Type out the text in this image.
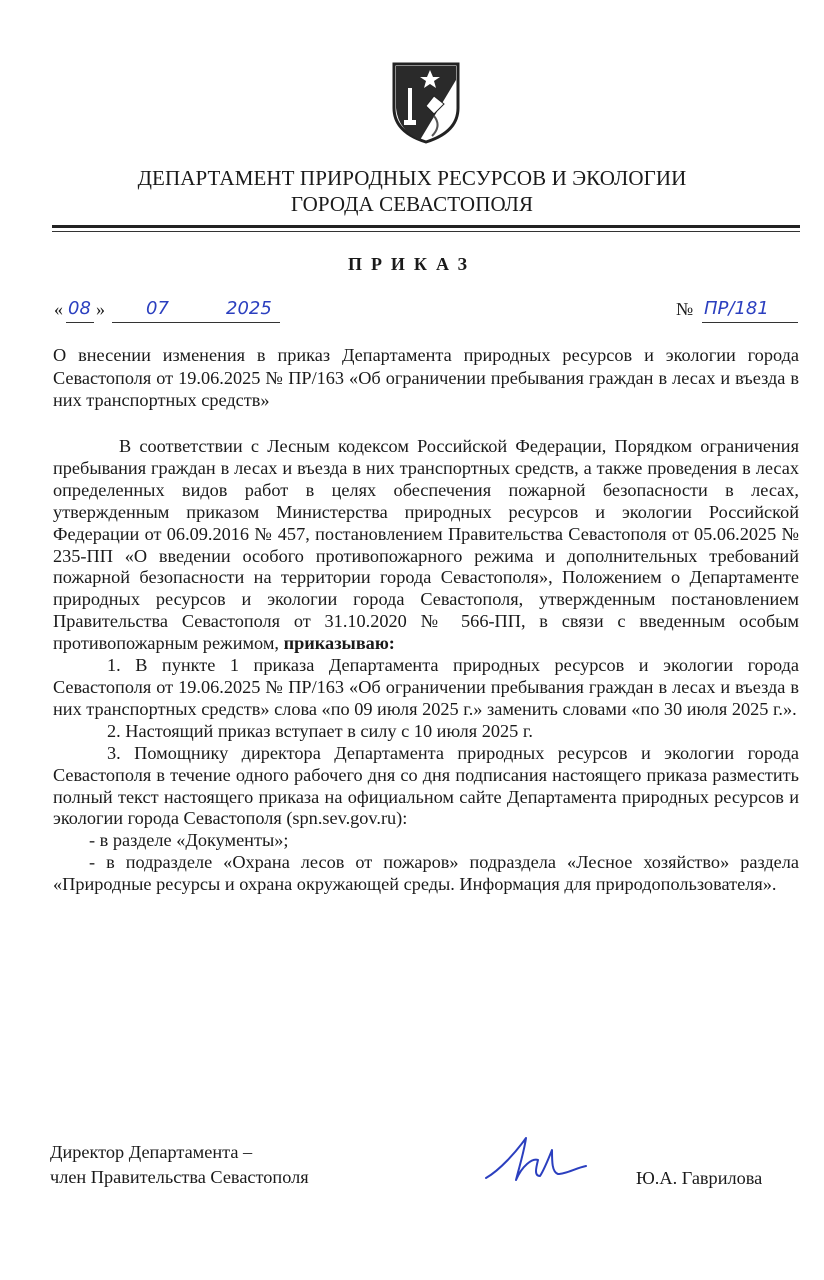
ДЕПАРТАМЕНТ ПРИРОДНЫХ РЕСУРСОВ И ЭКОЛОГИИ
ГОРОДА СЕВАСТОПОЛЯ
ПРИКАЗ
« 08 » 07	2025	№ ПР/181
О внесении изменения в приказ Департамента природных ресурсов и экологии города Севастополя от 19.06.2025 № ПР/163 «Об ограничении пребывания граждан в лесах и въезда в них транспортных средств»

В соответствии с Лесным кодексом Российской Федерации, Порядком ограничения пребывания граждан в лесах и въезда в них транспортных средств, а также проведения в лесах определенных видов работ в целях обеспечения пожарной безопасности в лесах, утвержденным приказом Министерства природных ресурсов и экологии Российской Федерации от 06.09.2016 № 457, постановлением Правительства Севастополя от 05.06.2025 № 235-ПП «О введении особого противопожарного режима и дополнительных требований пожарной безопасности на территории города Севастополя», Положением о Департаменте природных ресурсов и экологии города Севастополя, утвержденным постановлением Правительства Севастополя от 31.10.2020 № 566-ПП, в связи с введенным особым противопожарным режимом, приказываю:

1. В пункте 1 приказа Департамента природных ресурсов и экологии города Севастополя от 19.06.2025 № ПР/163 «Об ограничении пребывания граждан в лесах и въезда в них транспортных средств» слова «по 09 июля 2025 г.» заменить словами «по 30 июля 2025 г.».

2. Настоящий приказ вступает в силу с 10 июля 2025 г.

3. Помощнику директора Департамента природных ресурсов и экологии города Севастополя в течение одного рабочего дня со дня подписания настоящего приказа разместить полный текст настоящего приказа на официальном сайте Департамента природных ресурсов и экологии города Севастополя (spn.sev.gov.ru):

- в разделе «Документы»;

- в подразделе «Охрана лесов от пожаров» подраздела «Лесное хозяйство» раздела «Природные ресурсы и охрана окружающей среды. Информация для природопользователя».

Директор Департамента –
член Правительства Севастополя	Ю.А. Гаврилова
